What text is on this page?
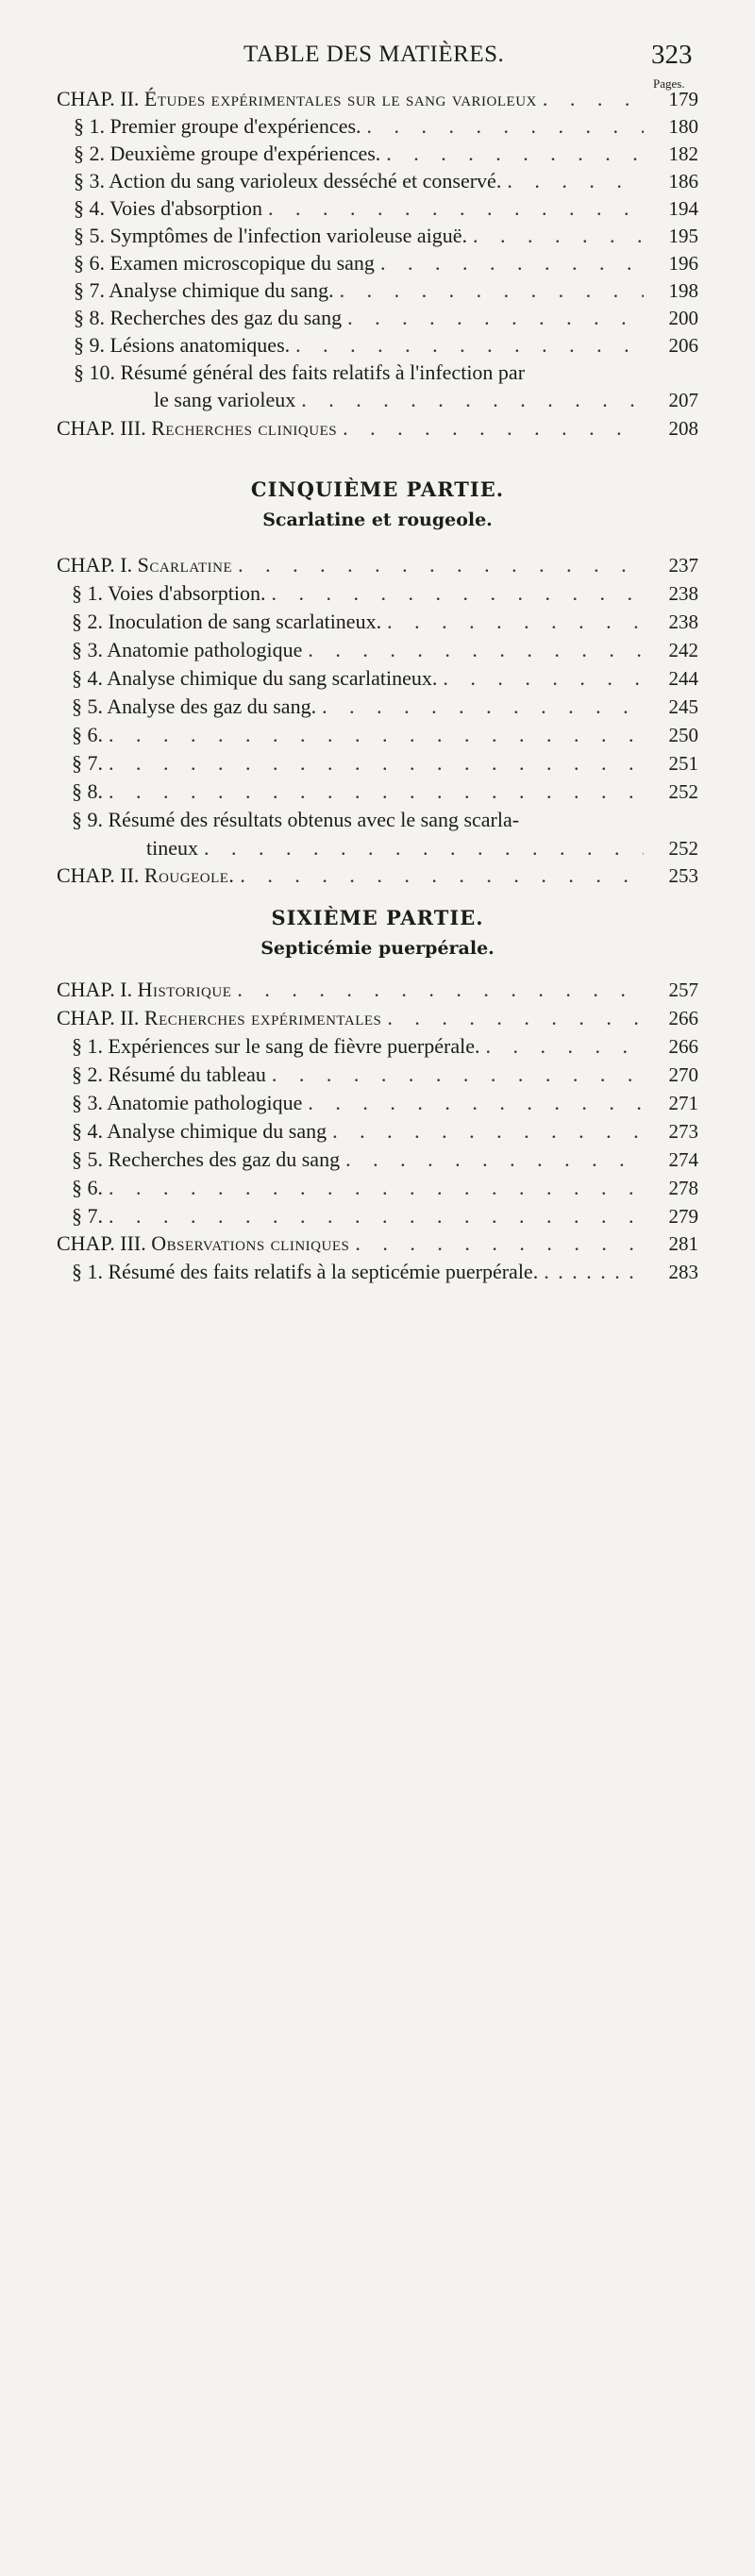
TABLE DES MATIÈRES.	323
Pages.
CHAP. II. Études expérimentales sur le sang varioleux . . .	179
§ 1. Premier groupe d'expériences. . . .	180
§ 2. Deuxième groupe d'expériences. . . .	182
§ 3. Action du sang varioleux desséché et conservé. . . .	186
§ 4. Voies d'absorption . . .	194
§ 5. Symptômes de l'infection varioleuse aiguë. . . .	195
§ 6. Examen microscopique du sang . . .	196
§ 7. Analyse chimique du sang. . . .	198
§ 8. Recherches des gaz du sang . . .	200
§ 9. Lésions anatomiques. . . .	206
§ 10. Résumé général des faits relatifs à l'infection par
le sang varioleux . . .	207
CHAP. III. Recherches cliniques . . .	208
CINQUIÈME PARTIE.
Scarlatine et rougeole.
CHAP. I. Scarlatine . . .	237
§ 1. Voies d'absorption. . . .	238
§ 2. Inoculation de sang scarlatineux. . . .	238
§ 3. Anatomie pathologique . . .	242
§ 4. Analyse chimique du sang scarlatineux. . . .	244
§ 5. Analyse des gaz du sang. . . .	245
§ 6. . . .	250
§ 7. . . .	251
§ 8. . . .	252
§ 9. Résumé des résultats obtenus avec le sang scarla-
tineux . . .	252
CHAP. II. Rougeole. . . .	253
SIXIÈME PARTIE.
Septicémie puerpérale.
CHAP. I. Historique . . .	257
CHAP. II. Recherches expérimentales . . .	266
§ 1. Expériences sur le sang de fièvre puerpérale. . . .	266
§ 2. Résumé du tableau . . .	270
§ 3. Anatomie pathologique . . .	271
§ 4. Analyse chimique du sang . . .	273
§ 5. Recherches des gaz du sang . . .	274
§ 6. . . .	278
§ 7. . . .	279
CHAP. III. Observations cliniques . . .	281
§ 1. Résumé des faits relatifs à la septicémie puerpérale. . . .	283
